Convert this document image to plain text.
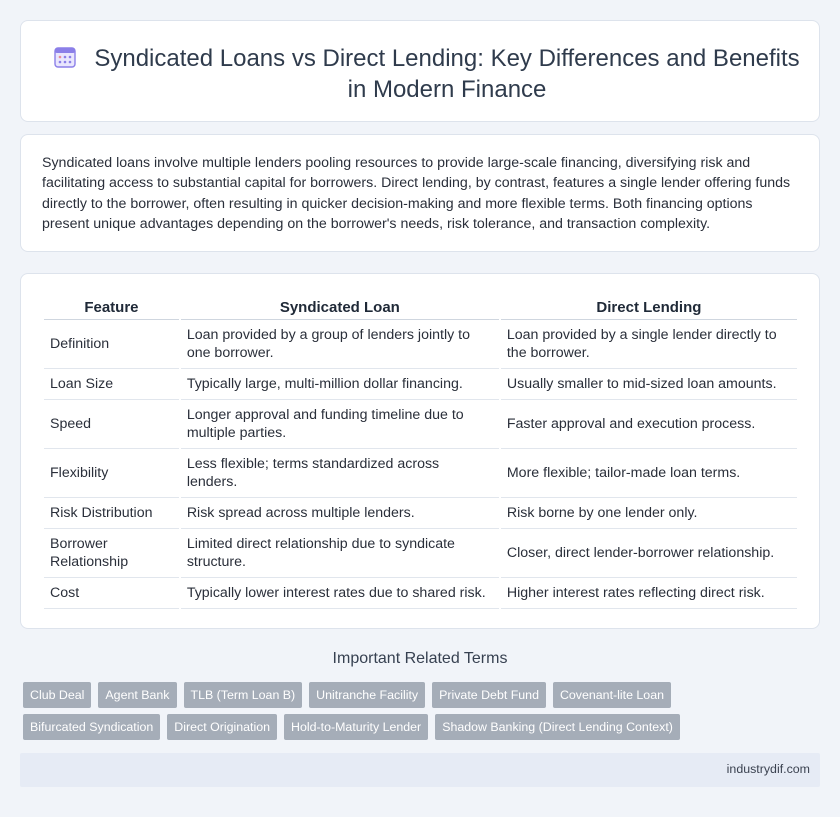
Syndicated Loans vs Direct Lending: Key Differences and Benefits in Modern Finance

Syndicated loans involve multiple lenders pooling resources to provide large-scale financing, diversifying risk and facilitating access to substantial capital for borrowers. Direct lending, by contrast, features a single lender offering funds directly to the borrower, often resulting in quicker decision-making and more flexible terms. Both financing options present unique advantages depending on the borrower's needs, risk tolerance, and transaction complexity.

Feature	Syndicated Loan	Direct Lending
Definition	Loan provided by a group of lenders jointly to one borrower.	Loan provided by a single lender directly to the borrower.
Loan Size	Typically large, multi-million dollar financing.	Usually smaller to mid-sized loan amounts.
Speed	Longer approval and funding timeline due to multiple parties.	Faster approval and execution process.
Flexibility	Less flexible; terms standardized across lenders.	More flexible; tailor-made loan terms.
Risk Distribution	Risk spread across multiple lenders.	Risk borne by one lender only.
Borrower Relationship	Limited direct relationship due to syndicate structure.	Closer, direct lender-borrower relationship.
Cost	Typically lower interest rates due to shared risk.	Higher interest rates reflecting direct risk.
Important Related Terms
Club Deal	Agent Bank	TLB (Term Loan B)	Unitranche Facility	Private Debt Fund	Covenant-lite Loan
Bifurcated Syndication	Direct Origination	Hold-to-Maturity Lender	Shadow Banking (Direct Lending Context)
industrydif.com
